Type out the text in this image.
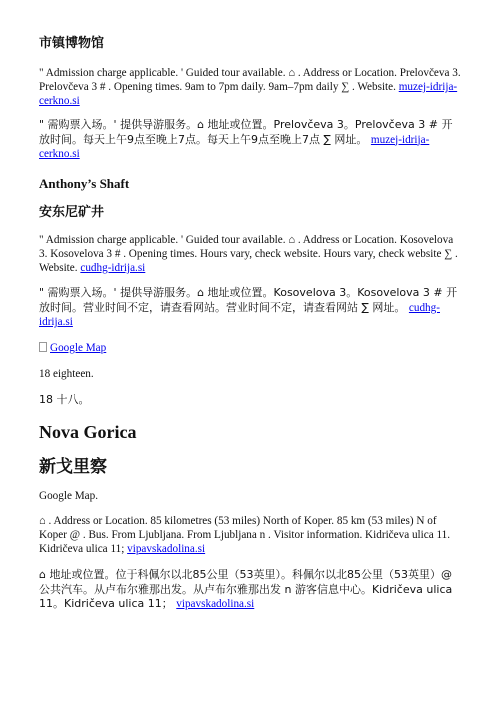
市镇博物馆

" Admission charge applicable. ' Guided tour available. ⌂ . Address or Location. Prelovčeva 3. Prelovčeva 3 # . Opening times. 9am to 7pm daily. 9am–7pm daily ∑ . Website. muzej-idrija-cerkno.si

" 需购票入场。' 提供导游服务。⌂ 地址或位置。Prelovčeva 3。Prelovčeva 3 # 开放时间。每天上午9点至晚上7点。每天上午9点至晚上7点 ∑ 网址。 muzej-idrija-cerkno.si

Anthony’s Shaft
安东尼矿井

" Admission charge applicable. ' Guided tour available. ⌂ . Address or Location. Kosovelova 3. Kosovelova 3 # . Opening times. Hours vary, check website. Hours vary, check website ∑ . Website. cudhg-idrija.si

" 需购票入场。' 提供导游服务。⌂ 地址或位置。Kosovelova 3。Kosovelova 3 # 开放时间。营业时间不定，请查看网站。营业时间不定，请查看网站 ∑ 网址。 cudhg-idrija.si

Google Map

18 eighteen.

18 十八。

Nova Gorica
新戈里察

Google Map.

⌂ . Address or Location. 85 kilometres (53 miles) North of Koper. 85 km (53 miles) N of Koper @ . Bus. From Ljubljana. From Ljubljana n . Visitor information. Kidričeva ulica 11. Kidričeva ulica 11; vipavskadolina.si

⌂ 地址或位置。位于科佩尔以北85公里（53英里）。科佩尔以北85公里（53英里）@ 公共汽车。从卢布尔雅那出发。从卢布尔雅那出发 n 游客信息中心。Kidričeva ulica 11。Kidričeva ulica 11； vipavskadolina.si
